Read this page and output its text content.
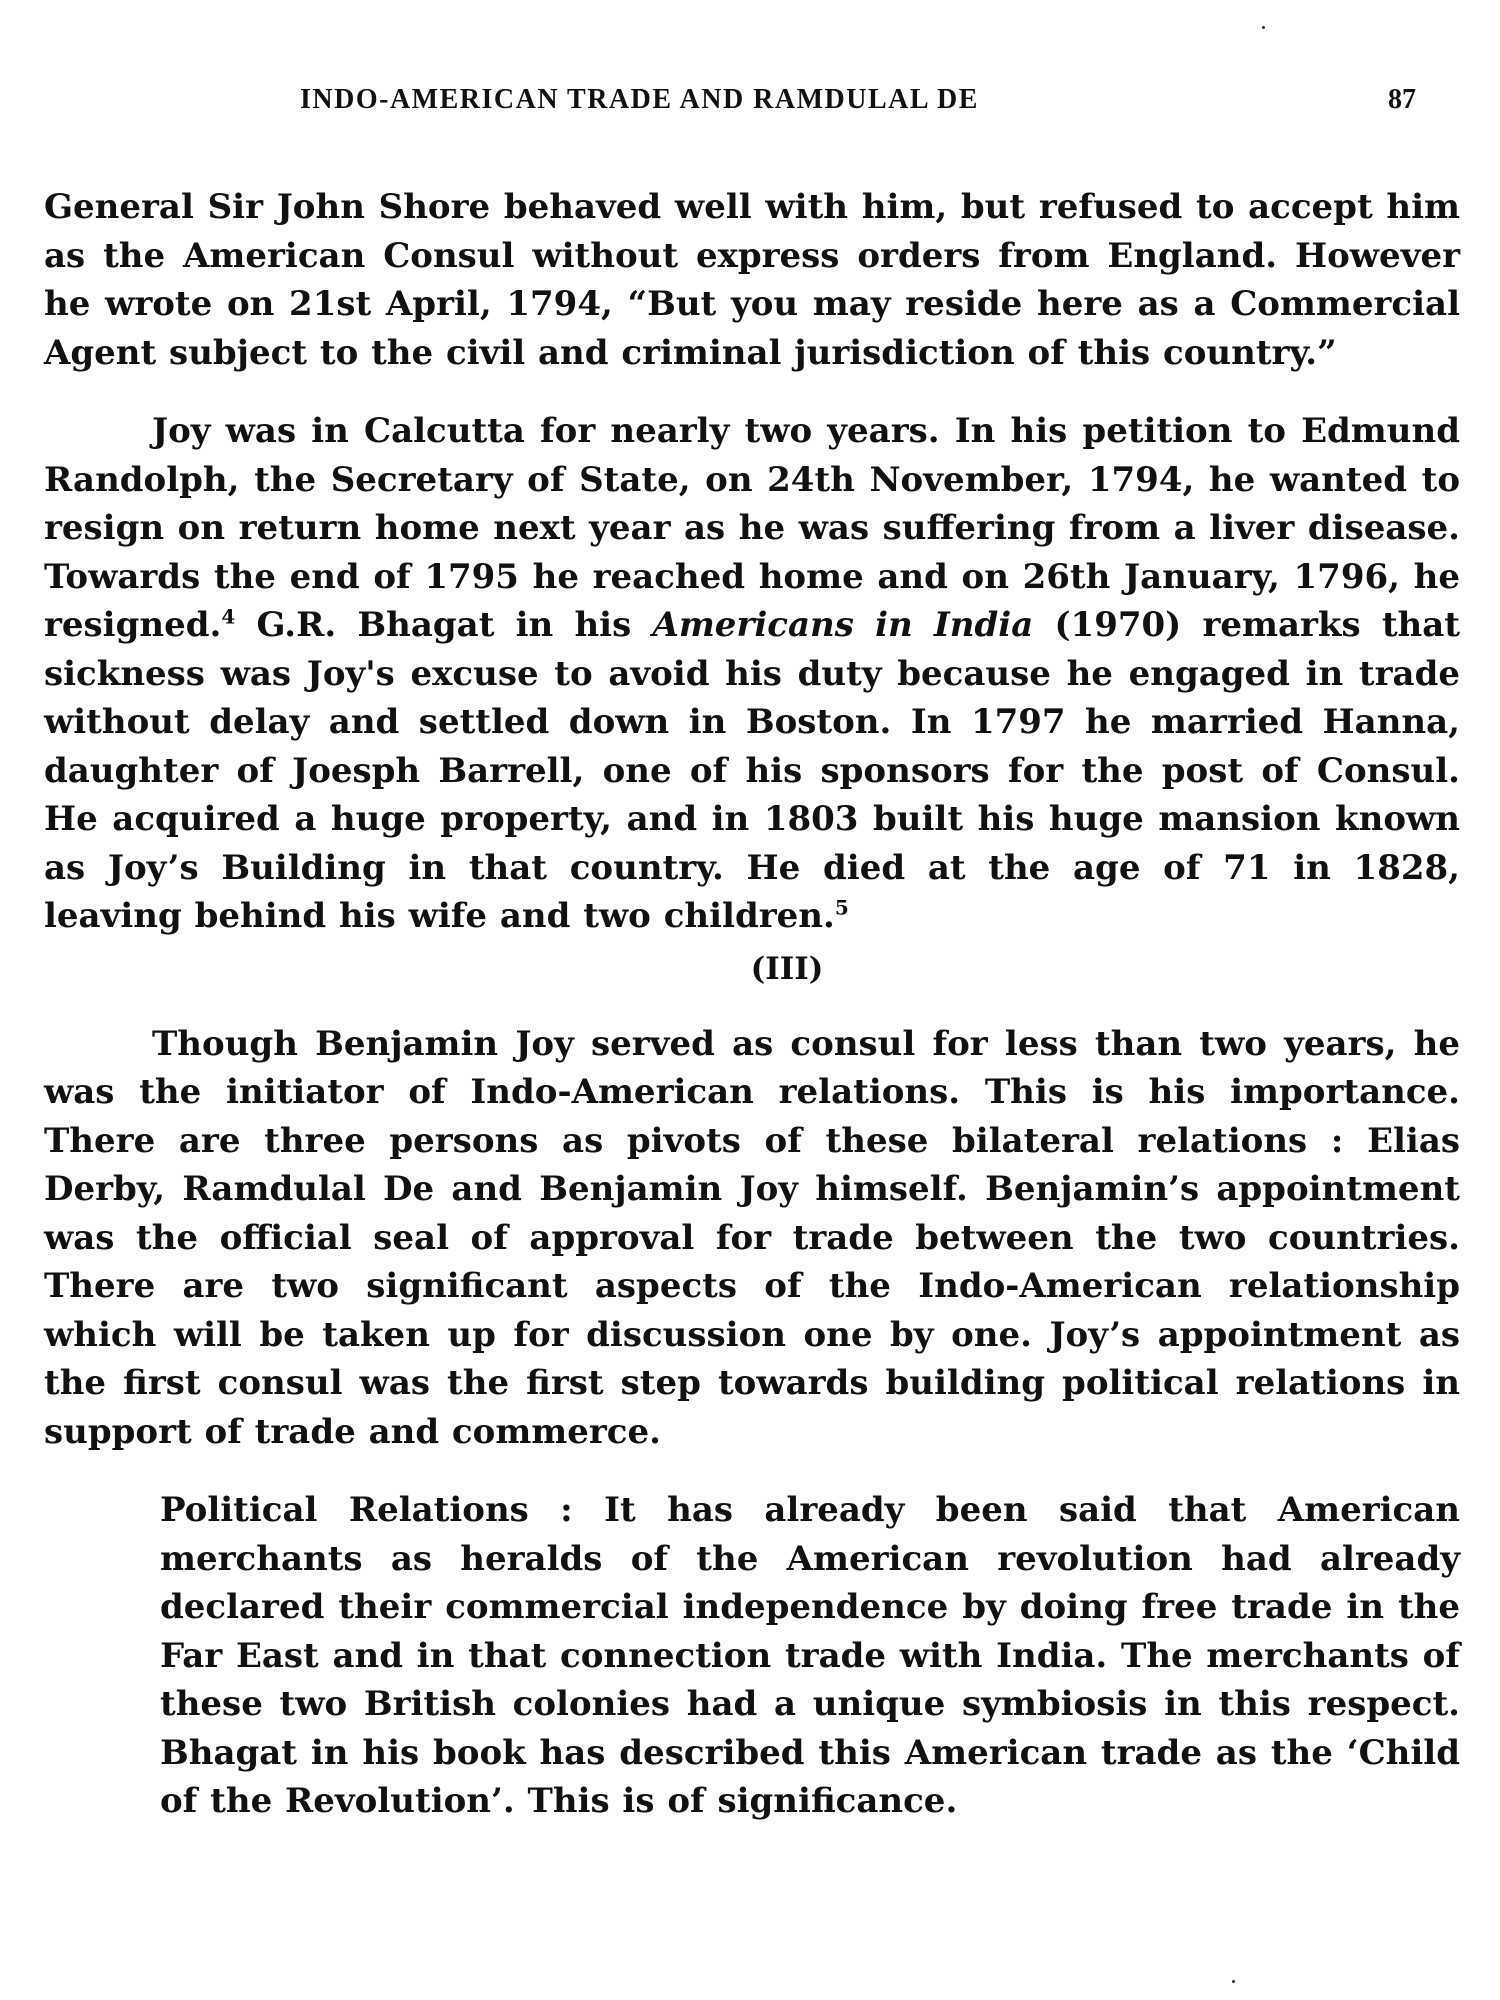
INDO-AMERICAN TRADE AND RAMDULAL DE	87

General Sir John Shore behaved well with him, but refused to accept him as the American Consul without express orders from England. However he wrote on 21st April, 1794, “But you may reside here as a Commercial Agent subject to the civil and criminal jurisdiction of this country.”

Joy was in Calcutta for nearly two years. In his petition to Edmund Randolph, the Secretary of State, on 24th November, 1794, he wanted to resign on return home next year as he was suffering from a liver disease. Towards the end of 1795 he reached home and on 26th January, 1796, he resigned.$^4$ G.R. Bhagat in his Americans in India (1970) remarks that sickness was Joy's excuse to avoid his duty because he engaged in trade without delay and settled down in Boston. In 1797 he married Hanna, daughter of Joesph Barrell, one of his sponsors for the post of Consul. He acquired a huge property, and in 1803 built his huge mansion known as Joy’s Building in that country. He died at the age of 71 in 1828, leaving behind his wife and two children.$^5$

(III)

Though Benjamin Joy served as consul for less than two years, he was the initiator of Indo-American relations. This is his importance. There are three persons as pivots of these bilateral relations : Elias Derby, Ramdulal De and Benjamin Joy himself. Benjamin’s appointment was the official seal of approval for trade between the two countries. There are two significant aspects of the Indo-American relationship which will be taken up for discussion one by one. Joy’s appointment as the first consul was the first step towards building political relations in support of trade and commerce.

Political Relations : It has already been said that American merchants as heralds of the American revolution had already declared their commercial independence by doing free trade in the Far East and in that connection trade with India. The merchants of these two British colonies had a unique symbiosis in this respect. Bhagat in his book has described this American trade as the ‘Child of the Revolution’. This is of significance.
